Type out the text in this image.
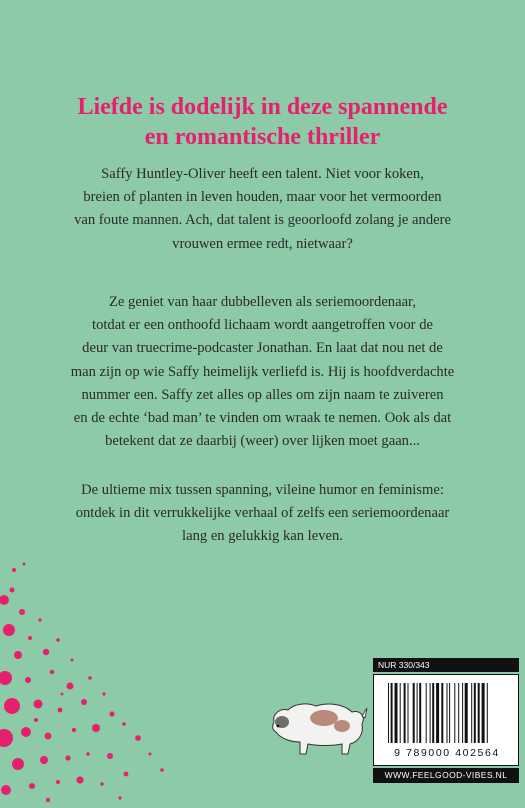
Liefde is dodelijk in deze spannende
en romantische thriller
Saffy Huntley-Oliver heeft een talent. Niet voor koken,
breien of planten in leven houden, maar voor het vermoorden
van foute mannen. Ach, dat talent is geoorloofd zolang je andere
vrouwen ermee redt, nietwaar?
Ze geniet van haar dubbelleven als seriemoordenaar,
totdat er een onthoofd lichaam wordt aangetroffen voor de
deur van truecrime-podcaster Jonathan. En laat dat nou net de
man zijn op wie Saffy heimelijk verliefd is. Hij is hoofdverdachte
nummer een. Saffy zet alles op alles om zijn naam te zuiveren
en de echte ‘bad man’ te vinden om wraak te nemen. Ook als dat
betekent dat ze daarbij (weer) over lijken moet gaan...
De ultieme mix tussen spanning, vileine humor en feminisme:
ontdek in dit verrukkelijke verhaal of zelfs een seriemoordenaar
lang en gelukkig kan leven.
NUR 330/343
9 789000 402564
WWW.FEELGOOD-VIBES.NL
